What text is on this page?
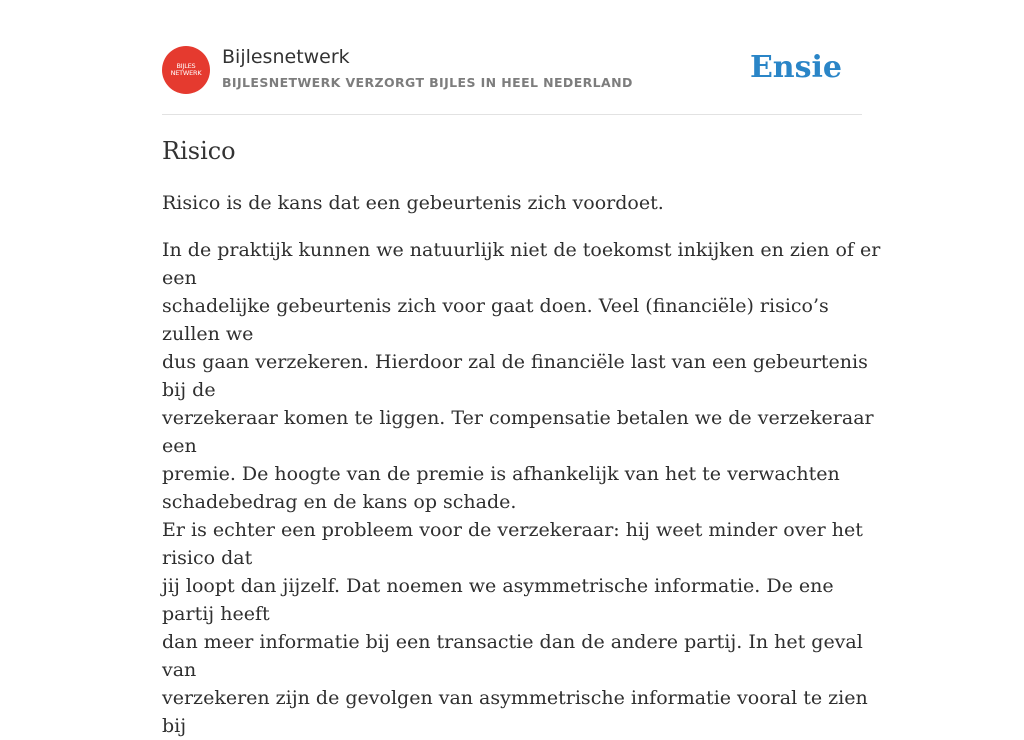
BIJLES
NETWERK
Bijlesnetwerk
BIJLESNETWERK VERZORGT BIJLES IN HEEL NEDERLAND	Ensie
Risico

Risico is de kans dat een gebeurtenis zich voordoet.

In de praktijk kunnen we natuurlijk niet de toekomst inkijken en zien of er een

schadelijke gebeurtenis zich voor gaat doen. Veel (financiële) risico’s zullen we

dus gaan verzekeren. Hierdoor zal de financiële last van een gebeurtenis bij de

verzekeraar komen te liggen. Ter compensatie betalen we de verzekeraar een

premie. De hoogte van de premie is afhankelijk van het te verwachten

schadebedrag en de kans op schade.

Er is echter een probleem voor de verzekeraar: hij weet minder over het risico dat

jij loopt dan jijzelf. Dat noemen we asymmetrische informatie. De ene partij heeft

dan meer informatie bij een transactie dan de andere partij. In het geval van

verzekeren zijn de gevolgen van asymmetrische informatie vooral te zien bij
